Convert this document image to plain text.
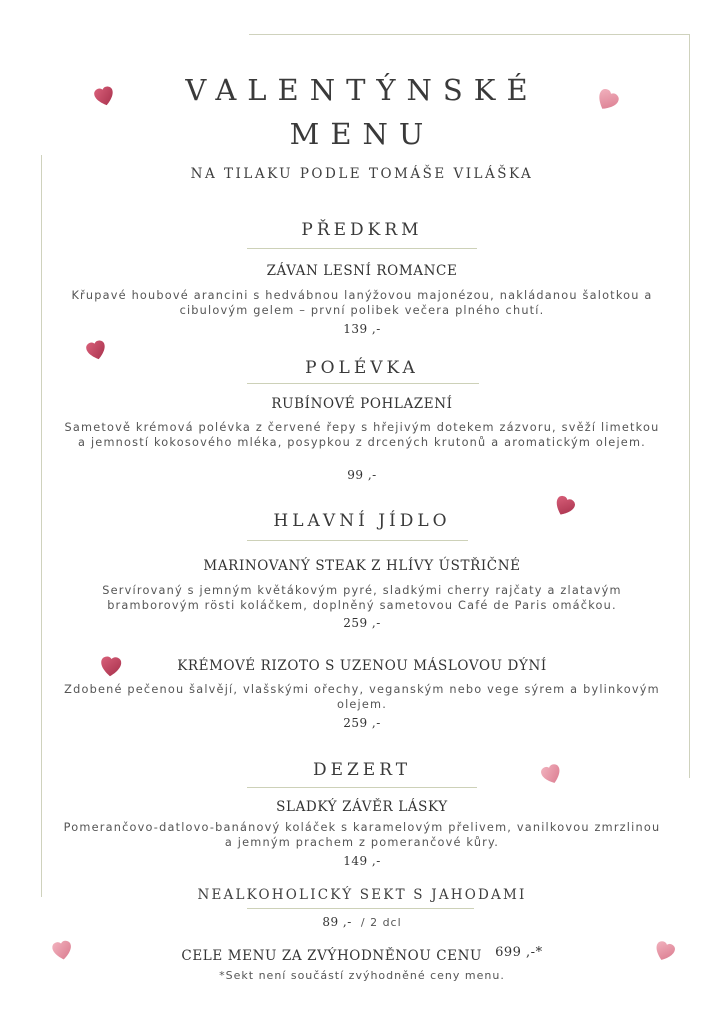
VALENTÝNSKÉ
MENU
NA TILAKU PODLE TOMÁŠE VILÁŠKA
PŘEDKRM
ZÁVAN LESNÍ ROMANCE
Křupavé houbové arancini s hedvábnou lanýžovou majonézou, nakládanou šalotkou a cibulovým gelem – první polibek večera plného chutí.
139 ,-
POLÉVKA
RUBÍNOVÉ POHLAZENÍ
Sametově krémová polévka z červené řepy s hřejivým dotekem zázvoru, svěží limetkou a jemností kokosového mléka, posypkou z drcených krutonů a aromatickým olejem.
99 ,-
HLAVNÍ JÍDLO
MARINOVANÝ STEAK Z HLÍVY ÚSTŘIČNÉ
Servírovaný s jemným květákovým pyré, sladkými cherry rajčaty a zlatavým bramborovým rösti koláčkem, doplněný sametovou Café de Paris omáčkou.
259 ,-
KRÉMOVÉ RIZOTO S UZENOU MÁSLOVOU DÝNÍ
Zdobené pečenou šalvějí, vlašskými ořechy, veganským nebo vege sýrem a bylinkovým olejem.
259 ,-
DEZERT
SLADKÝ ZÁVĚR LÁSKY
Pomerančovo-datlovo-banánový koláček s karamelovým přelivem, vanilkovou zmrzlinou a jemným prachem z pomerančové kůry.
149 ,-
NEALKOHOLICKÝ SEKT S JAHODAMI
89 ,- / 2 dcl
CELE MENU ZA ZVÝHODNĚNOU CENU $^{699 ,-*}$
*Sekt není součástí zvýhodněné ceny menu.
